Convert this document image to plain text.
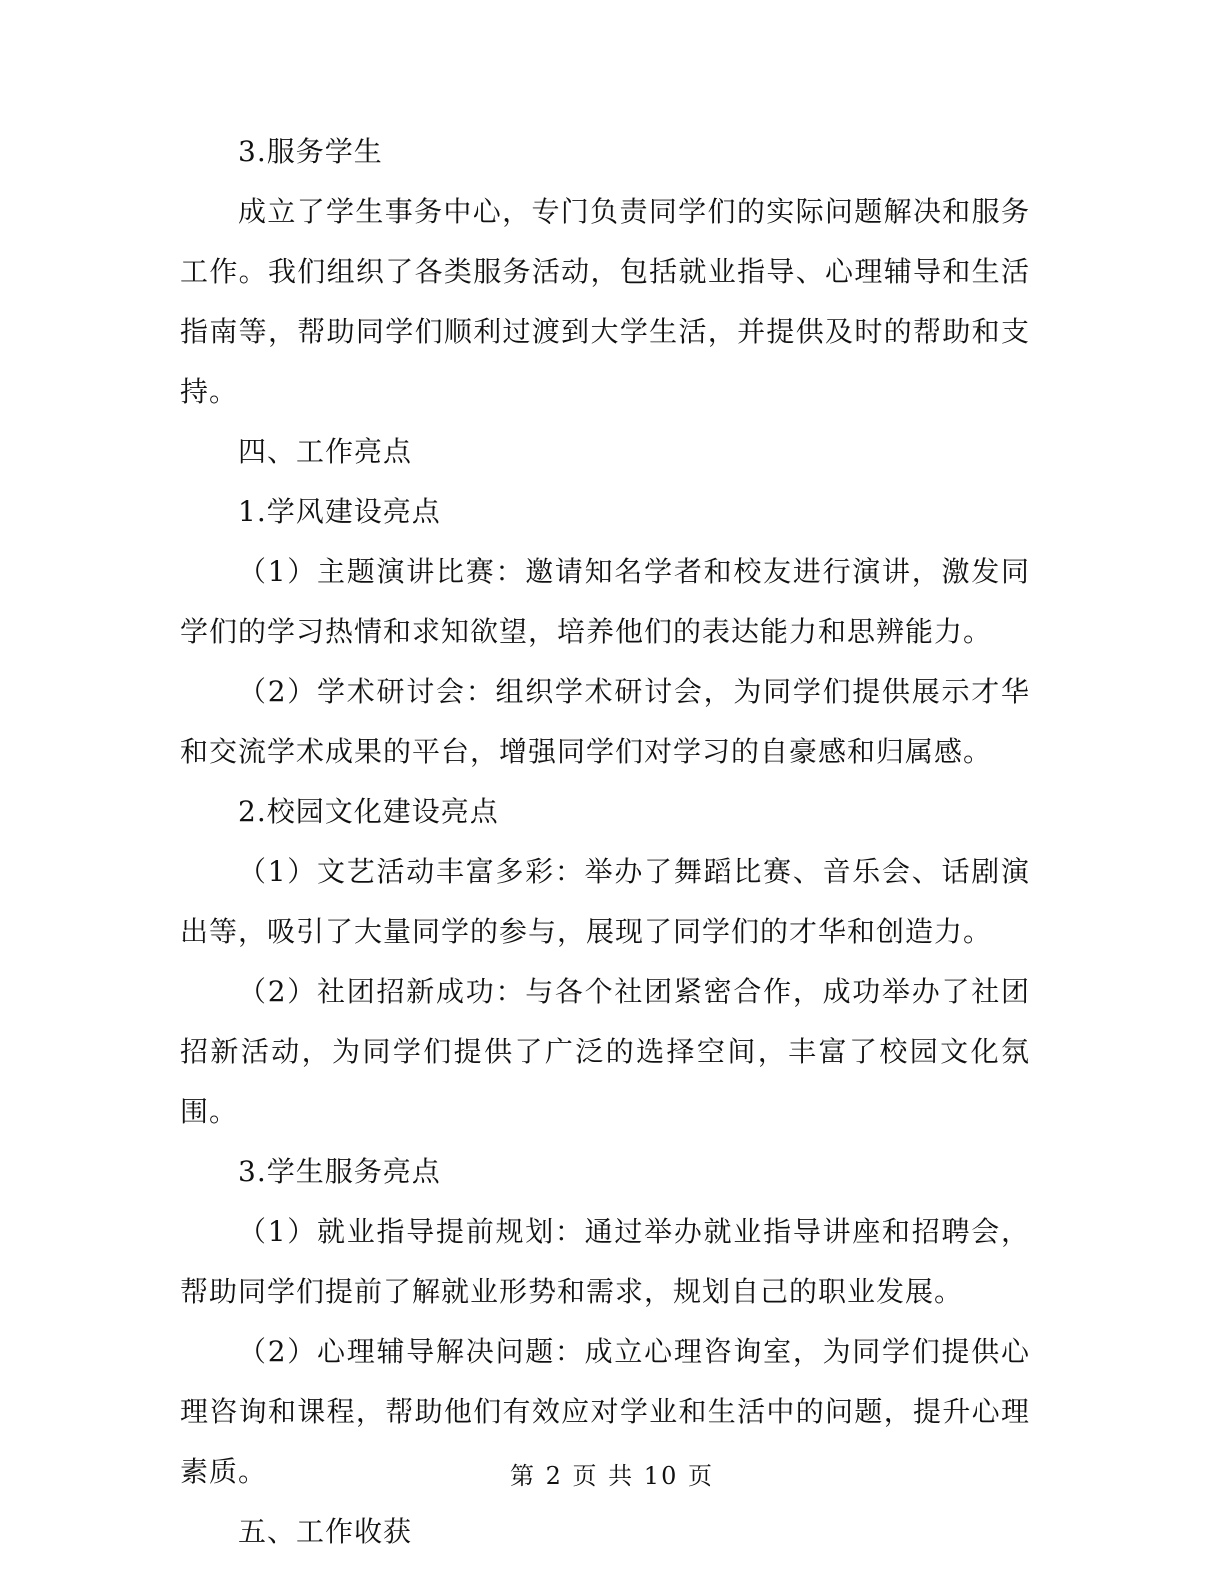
3.服务学生

成立了学生事务中心，专门负责同学们的实际问题解决和服务工作。我们组织了各类服务活动，包括就业指导、心理辅导和生活指南等，帮助同学们顺利过渡到大学生活，并提供及时的帮助和支持。

四、工作亮点

1.学风建设亮点

（1）主题演讲比赛：邀请知名学者和校友进行演讲，激发同学们的学习热情和求知欲望，培养他们的表达能力和思辨能力。

（2）学术研讨会：组织学术研讨会，为同学们提供展示才华和交流学术成果的平台，增强同学们对学习的自豪感和归属感。

2.校园文化建设亮点

（1）文艺活动丰富多彩：举办了舞蹈比赛、音乐会、话剧演出等，吸引了大量同学的参与，展现了同学们的才华和创造力。

（2）社团招新成功：与各个社团紧密合作，成功举办了社团招新活动，为同学们提供了广泛的选择空间，丰富了校园文化氛围。

3.学生服务亮点

（1）就业指导提前规划：通过举办就业指导讲座和招聘会，帮助同学们提前了解就业形势和需求，规划自己的职业发展。

（2）心理辅导解决问题：成立心理咨询室，为同学们提供心理咨询和课程，帮助他们有效应对学业和生活中的问题，提升心理素质。

五、工作收获

第 2 页 共 10 页
